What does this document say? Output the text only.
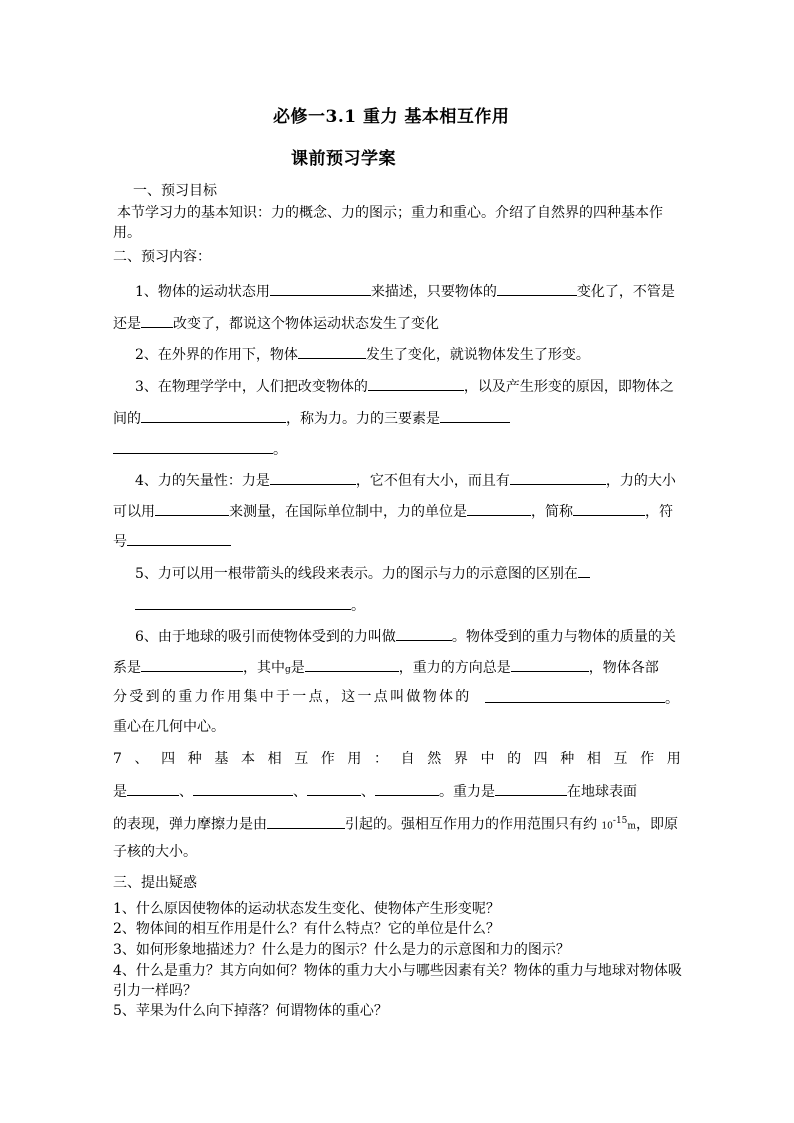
必修一3.1 重力 基本相互作用
课前预习学案
一、预习目标
本节学习力的基本知识：力的概念、力的图示；重力和重心。介绍了自然界的四种基本作
用。
二、预习内容：
1、物体的运动状态用	来描述，只要物体的	变化了，不管是
还是 改变了，都说这个物体运动状态发生了变化
2、在外界的作用下，物体	发生了变化，就说物体发生了形变。
3、在物理学学中，人们把改变物体的	，以及产生形变的原因，即物体之
间的	，称为力。力的三要素是
。
4、力的矢量性：力是	，它不但有大小，而且有	，力的大小
可以用	来测量，在国际单位制中，力的单位是	，简称	，符
号
5、力可以用一根带箭头的线段来表示。力的图示与力的示意图的区别在
。
6、由于地球的吸引而使物体受到的力叫做	。物体受到的重力与物体的质量的关
系是	，其中g是	，重力的方向总是	，物体各部
分受到的重力作用集中于一点，这一点叫做物体的	。
重心在几何中心。
7 、 四 种 基 本 相 互 作 用 ： 自 然 界 中 的 四 种 相 互 作 用
是	、	、	、	。重力是	在地球表面
的表现，弹力摩擦力是由	引起的。强相互作用力的作用范围只有约 $10^{-15}m$，即原
子核的大小。
三、提出疑惑
1、什么原因使物体的运动状态发生变化、使物体产生形变呢？
2、物体间的相互作用是什么？有什么特点？它的单位是什么？
3、如何形象地描述力？什么是力的图示？什么是力的示意图和力的图示？
4、什么是重力？其方向如何？物体的重力大小与哪些因素有关？物体的重力与地球对物体吸
引力一样吗？
5、苹果为什么向下掉落？何谓物体的重心？
